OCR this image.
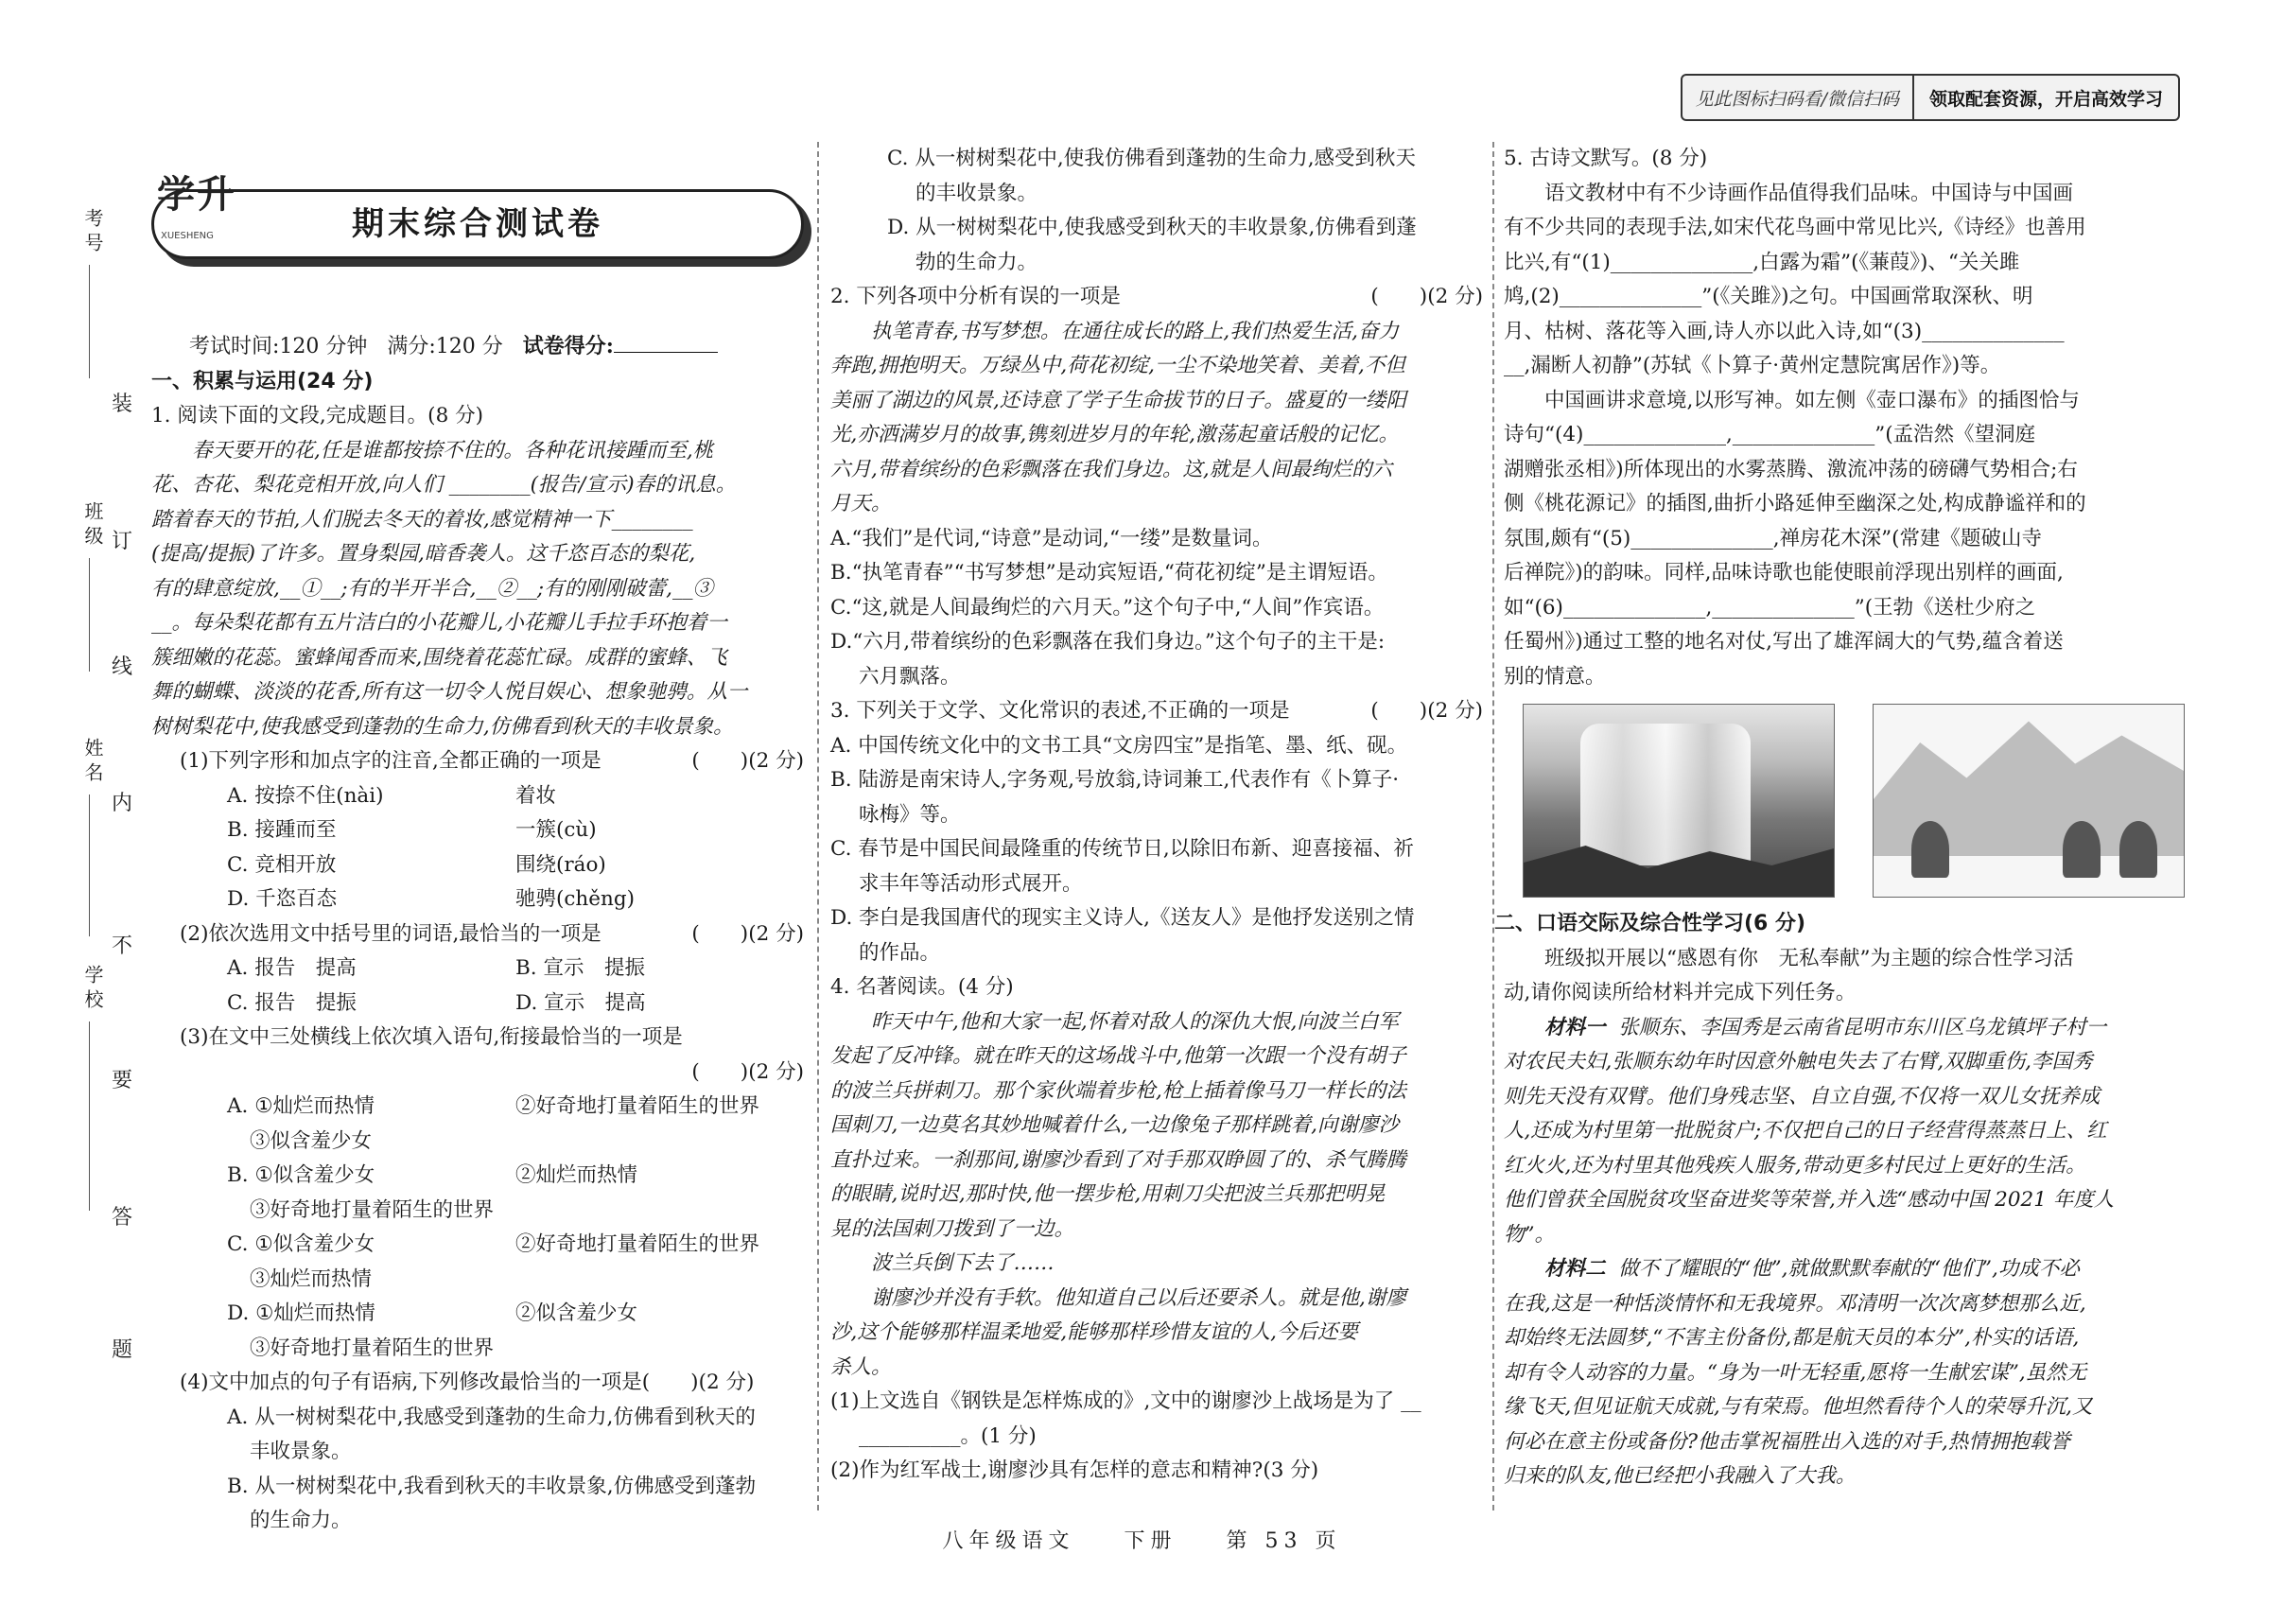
见此图标扫码看/微信扫码	领取配套资源，开启高效学习
考号
班级
姓名
学校
装
订
线
内
不
要
答
题
期末综合测试卷
学升
XUESHENG
考试时间:120 分钟 满分:120 分 试卷得分:
一、积累与运用(24 分)
1. 阅读下面的文段,完成题目。(8 分)
春天要开的花,任是谁都按捺不住的。各种花讯接踵而至,桃
花、杏花、梨花竞相开放,向人们 ________(报告/宣示)春的讯息。
踏着春天的节拍,人们脱去冬天的着妆,感觉精神一下________
(提高/提振)了许多。置身梨园,暗香袭人。这千恣百态的梨花,
有的肆意绽放,__①__;有的半开半合,__②__;有的刚刚破蕾,__③
__。每朵梨花都有五片洁白的小花瓣儿,小花瓣儿手拉手环抱着一
簇细嫩的花蕊。蜜蜂闻香而来,围绕着花蕊忙碌。成群的蜜蜂、飞
舞的蝴蝶、淡淡的花香,所有这一切令人悦目娱心、想象驰骋。从一
树树梨花中,使我感受到蓬勃的生命力,仿佛看到秋天的丰收景象。
(1)下列字形和加点字的注音,全都正确的一项是	(　　)(2 分)
A. 按捺不住(nài)	着妆
B. 接踵而至	一簇(cù)
C. 竞相开放	围绕(ráo)
D. 千恣百态	驰骋(chěng)
(2)依次选用文中括号里的词语,最恰当的一项是	(　　)(2 分)
A. 报告　提高	B. 宣示　提振
C. 报告　提振	D. 宣示　提高
(3)在文中三处横线上依次填入语句,衔接最恰当的一项是
(　　)(2 分)
A. ①灿烂而热情	②好奇地打量着陌生的世界
③似含羞少女
B. ①似含羞少女	②灿烂而热情
③好奇地打量着陌生的世界
C. ①似含羞少女	②好奇地打量着陌生的世界
③灿烂而热情
D. ①灿烂而热情	②似含羞少女
③好奇地打量着陌生的世界
(4)文中加点的句子有语病,下列修改最恰当的一项是(　　)(2 分)
A. 从一树树梨花中,我感受到蓬勃的生命力,仿佛看到秋天的
丰收景象。
B. 从一树树梨花中,我看到秋天的丰收景象,仿佛感受到蓬勃
的生命力。
C. 从一树树梨花中,使我仿佛看到蓬勃的生命力,感受到秋天
的丰收景象。
D. 从一树树梨花中,使我感受到秋天的丰收景象,仿佛看到蓬
勃的生命力。
2. 下列各项中分析有误的一项是	(　　)(2 分)
执笔青春,书写梦想。在通往成长的路上,我们热爱生活,奋力
奔跑,拥抱明天。万绿丛中,荷花初绽,一尘不染地笑着、美着,不但
美丽了湖边的风景,还诗意了学子生命拔节的日子。盛夏的一缕阳
光,亦洒满岁月的故事,镌刻进岁月的年轮,激荡起童话般的记忆。
六月,带着缤纷的色彩飘落在我们身边。这,就是人间最绚烂的六
月天。
A.“我们”是代词,“诗意”是动词,“一缕”是数量词。
B.“执笔青春”“书写梦想”是动宾短语,“荷花初绽”是主谓短语。
C.“这,就是人间最绚烂的六月天。”这个句子中,“人间”作宾语。
D.“六月,带着缤纷的色彩飘落在我们身边。”这个句子的主干是:
六月飘落。
3. 下列关于文学、文化常识的表述,不正确的一项是	(　　)(2 分)
A. 中国传统文化中的文书工具“文房四宝”是指笔、墨、纸、砚。
B. 陆游是南宋诗人,字务观,号放翁,诗词兼工,代表作有《卜算子·
咏梅》等。
C. 春节是中国民间最隆重的传统节日,以除旧布新、迎喜接福、祈
求丰年等活动形式展开。
D. 李白是我国唐代的现实主义诗人,《送友人》是他抒发送别之情
的作品。
4. 名著阅读。(4 分)
昨天中午,他和大家一起,怀着对敌人的深仇大恨,向波兰白军
发起了反冲锋。就在昨天的这场战斗中,他第一次跟一个没有胡子
的波兰兵拼刺刀。那个家伙端着步枪,枪上插着像马刀一样长的法
国刺刀,一边莫名其妙地喊着什么,一边像兔子那样跳着,向谢廖沙
直扑过来。一刹那间,谢廖沙看到了对手那双睁圆了的、杀气腾腾
的眼睛,说时迟,那时快,他一摆步枪,用刺刀尖把波兰兵那把明晃
晃的法国刺刀拨到了一边。
波兰兵倒下去了……
谢廖沙并没有手软。他知道自己以后还要杀人。就是他,谢廖
沙,这个能够那样温柔地爱,能够那样珍惜友谊的人,今后还要
杀人。
(1)上文选自《钢铁是怎样炼成的》,文中的谢廖沙上战场是为了 __
__________。(1 分)
(2)作为红军战士,谢廖沙具有怎样的意志和精神?(3 分)
5. 古诗文默写。(8 分)
语文教材中有不少诗画作品值得我们品味。中国诗与中国画
有不少共同的表现手法,如宋代花鸟画中常见比兴,《诗经》也善用
比兴,有“(1)______________,白露为霜”(《蒹葭》)、“关关雎
鸠,(2)______________”(《关雎》)之句。中国画常取深秋、明
月、枯树、落花等入画,诗人亦以此入诗,如“(3)______________
__,漏断人初静”(苏轼《卜算子·黄州定慧院寓居作》)等。
中国画讲求意境,以形写神。如左侧《壶口瀑布》的插图恰与
诗句“(4)______________,______________”(孟浩然《望洞庭
湖赠张丞相》)所体现出的水雾蒸腾、激流冲荡的磅礴气势相合;右
侧《桃花源记》的插图,曲折小路延伸至幽深之处,构成静谧祥和的
氛围,颇有“(5)______________,禅房花木深”(常建《题破山寺
后禅院》)的韵味。同样,品味诗歌也能使眼前浮现出别样的画面,
如“(6)______________,______________”(王勃《送杜少府之
任蜀州》)通过工整的地名对仗,写出了雄浑阔大的气势,蕴含着送
别的情意。
二、口语交际及综合性学习(6 分)
班级拟开展以“感恩有你　无私奉献”为主题的综合性学习活
动,请你阅读所给材料并完成下列任务。
材料一 张顺东、李国秀是云南省昆明市东川区乌龙镇坪子村一
对农民夫妇,张顺东幼年时因意外触电失去了右臂,双脚重伤,李国秀
则先天没有双臂。他们身残志坚、自立自强,不仅将一双儿女抚养成
人,还成为村里第一批脱贫户;不仅把自己的日子经营得蒸蒸日上、红
红火火,还为村里其他残疾人服务,带动更多村民过上更好的生活。
他们曾获全国脱贫攻坚奋进奖等荣誉,并入选“感动中国 2021 年度人
物”。
材料二 做不了耀眼的“他”,就做默默奉献的“他们”,功成不必
在我,这是一种恬淡情怀和无我境界。邓清明一次次离梦想那么近,
却始终无法圆梦,“不害主份备份,都是航天员的本分”,朴实的话语,
却有令人动容的力量。“身为一叶无轻重,愿将一生献宏谋”,虽然无
缘飞天,但见证航天成就,与有荣焉。他坦然看待个人的荣辱升沉,又
何必在意主份或备份?他击掌祝福胜出入选的对手,热情拥抱载誉
归来的队友,他已经把小我融入了大我。
八年级语文 下册 第 53 页
